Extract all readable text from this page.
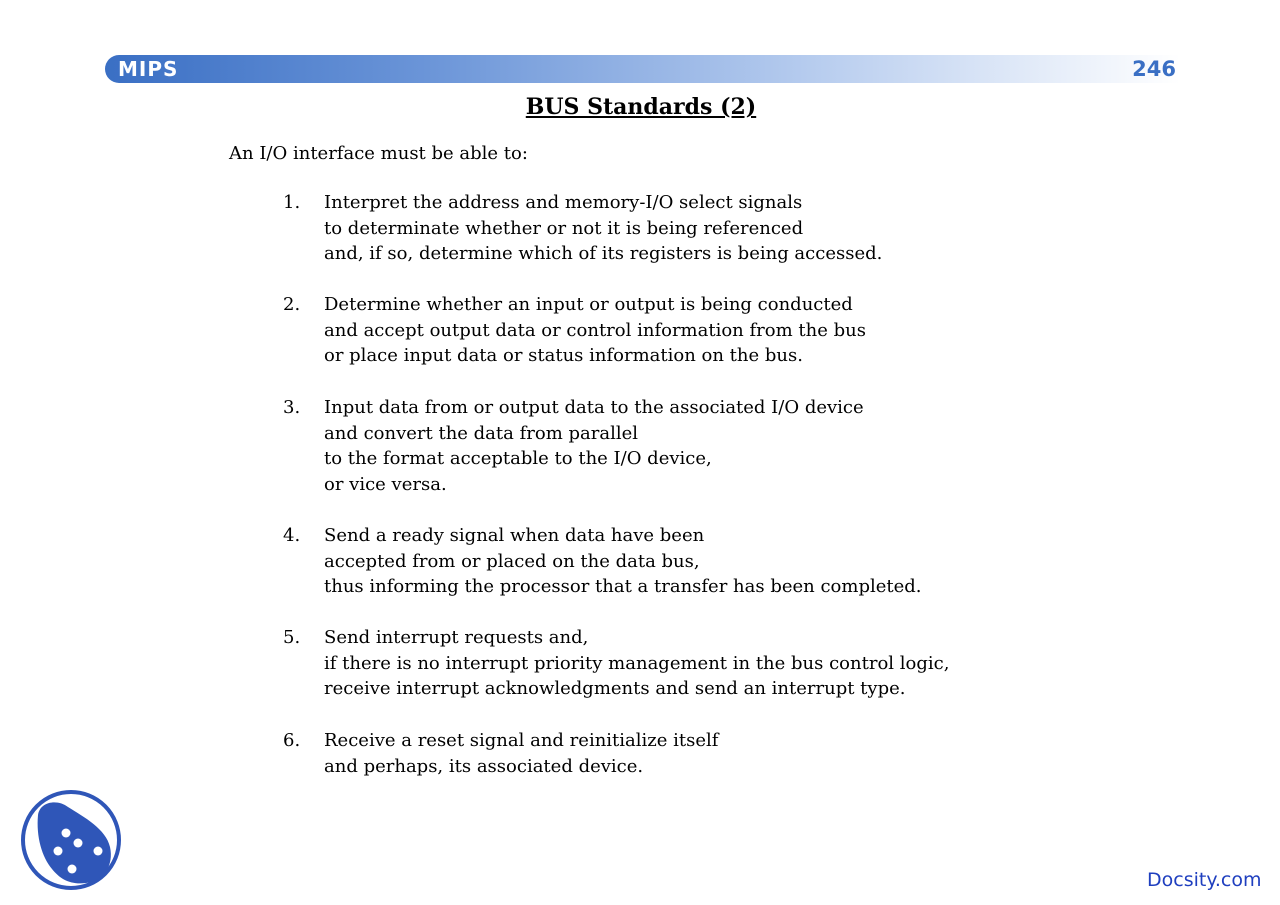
MIPS	246
BUS Standards (2)
An I/O interface must be able to:
1. Interpret the address and memory-I/O select signals
to determinate whether or not it is being referenced
and, if so, determine which of its registers is being accessed.
2. Determine whether an input or output is being conducted
and accept output data or control information from the bus
or place input data or status information on the bus.
3. Input data from or output data to the associated I/O device
and convert the data from parallel
to the format acceptable to the I/O device,
or vice versa.
4. Send a ready signal when data have been
accepted from or placed on the data bus,
thus informing the processor that a transfer has been completed.
5. Send interrupt requests and,
if there is no interrupt priority management in the bus control logic,
receive interrupt acknowledgments and send an interrupt type.
6. Receive a reset signal and reinitialize itself
and perhaps, its associated device.
Docsity.com
